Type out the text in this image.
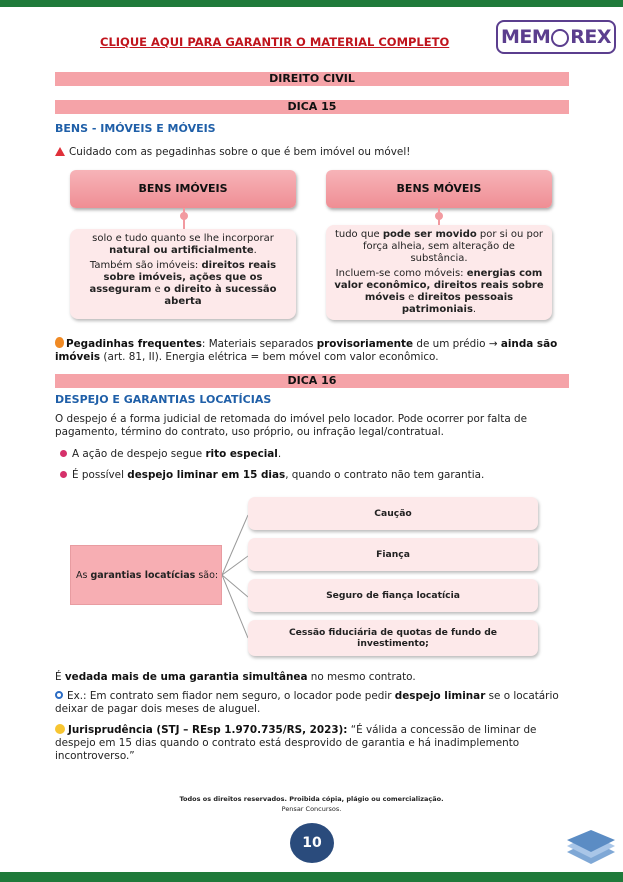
CLIQUE AQUI PARA GARANTIR O MATERIAL COMPLETO	MEM REX
DIREITO CIVIL
DICA 15
BENS - IMÓVEIS E MÓVEIS
Cuidado com as pegadinhas sobre o que é bem imóvel ou móvel!
BENS IMÓVEIS

solo e tudo quanto se lhe incorporar natural ou artificialmente.

Também são imóveis: direitos reais sobre imóveis, ações que os asseguram e o direito à sucessão aberta

BENS MÓVEIS

tudo que pode ser movido por si ou por força alheia, sem alteração de substância.

Incluem-se como móveis: energias com valor econômico, direitos reais sobre móveis e direitos pessoais patrimoniais.

Pegadinhas frequentes: Materiais separados provisoriamente de um prédio → ainda são imóveis (art. 81, II). Energia elétrica = bem móvel com valor econômico.
DICA 16
DESPEJO E GARANTIAS LOCATÍCIAS
O despejo é a forma judicial de retomada do imóvel pelo locador. Pode ocorrer por falta de pagamento, término do contrato, uso próprio, ou infração legal/contratual.
A ação de despejo segue rito especial.
É possível despejo liminar em 15 dias, quando o contrato não tem garantia.
As garantias locatícias são:
Caução
Fiança
Seguro de fiança locatícia
Cessão fiduciária de quotas de fundo de investimento;
É vedada mais de uma garantia simultânea no mesmo contrato.
Ex.: Em contrato sem fiador nem seguro, o locador pode pedir despejo liminar se o locatário deixar de pagar dois meses de aluguel.
Jurisprudência (STJ – REsp 1.970.735/RS, 2023): “É válida a concessão de liminar de despejo em 15 dias quando o contrato está desprovido de garantia e há inadimplemento incontroverso.”
Todos os direitos reservados. Proibida cópia, plágio ou comercialização.
Pensar Concursos.
10
